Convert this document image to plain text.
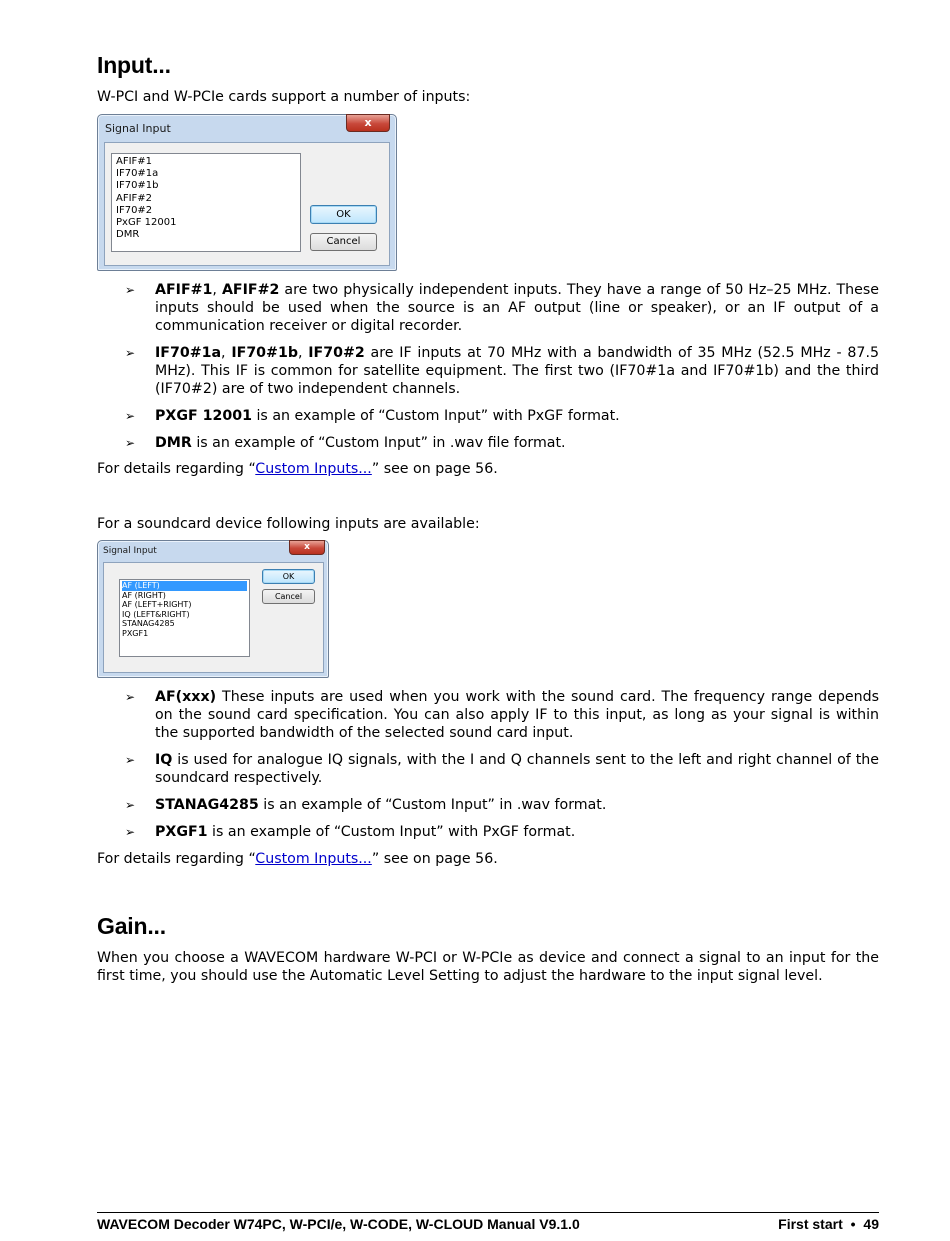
Input...

W-PCI and W-PCIe cards support a number of inputs:

Signal Input	x
AFIF#1
IF70#1a
IF70#1b
AFIF#2
IF70#2
PxGF 12001
DMR
OK
Cancel
➢ AFIF#1, AFIF#2 are two physically independent inputs. They have a range of 50 Hz–25 MHz. These inputs should be used when the source is an AF output (line or speaker), or an IF output of a communication receiver or digital recorder.
➢ IF70#1a, IF70#1b, IF70#2 are IF inputs at 70 MHz with a bandwidth of 35 MHz (52.5 MHz - 87.5 MHz). This IF is common for satellite equipment. The first two (IF70#1a and IF70#1b) and the third (IF70#2) are of two independent channels.
➢ PXGF 12001 is an example of “Custom Input” with PxGF format.
➢ DMR is an example of “Custom Input” in .wav file format.

For details regarding “Custom Inputs...” see on page 56.

For a soundcard device following inputs are available:

Signal Input	x
AF (LEFT)
AF (RIGHT)
AF (LEFT+RIGHT)
IQ (LEFT&RIGHT)
STANAG4285
PXGF1
OK
Cancel
➢ AF(xxx) These inputs are used when you work with the sound card. The frequency range depends on the sound card specification. You can also apply IF to this input, as long as your signal is within the supported bandwidth of the selected sound card input.
➢ IQ is used for analogue IQ signals, with the I and Q channels sent to the left and right channel of the soundcard respectively.
➢ STANAG4285 is an example of “Custom Input” in .wav format.
➢ PXGF1 is an example of “Custom Input” with PxGF format.

For details regarding “Custom Inputs...” see on page 56.

Gain...

When you choose a WAVECOM hardware W-PCI or W-PCIe as device and connect a signal to an input for the first time, you should use the Automatic Level Setting to adjust the hardware to the input signal level.

WAVECOM Decoder W74PC, W-PCI/e, W-CODE, W-CLOUD Manual V9.1.0	First start • 49
